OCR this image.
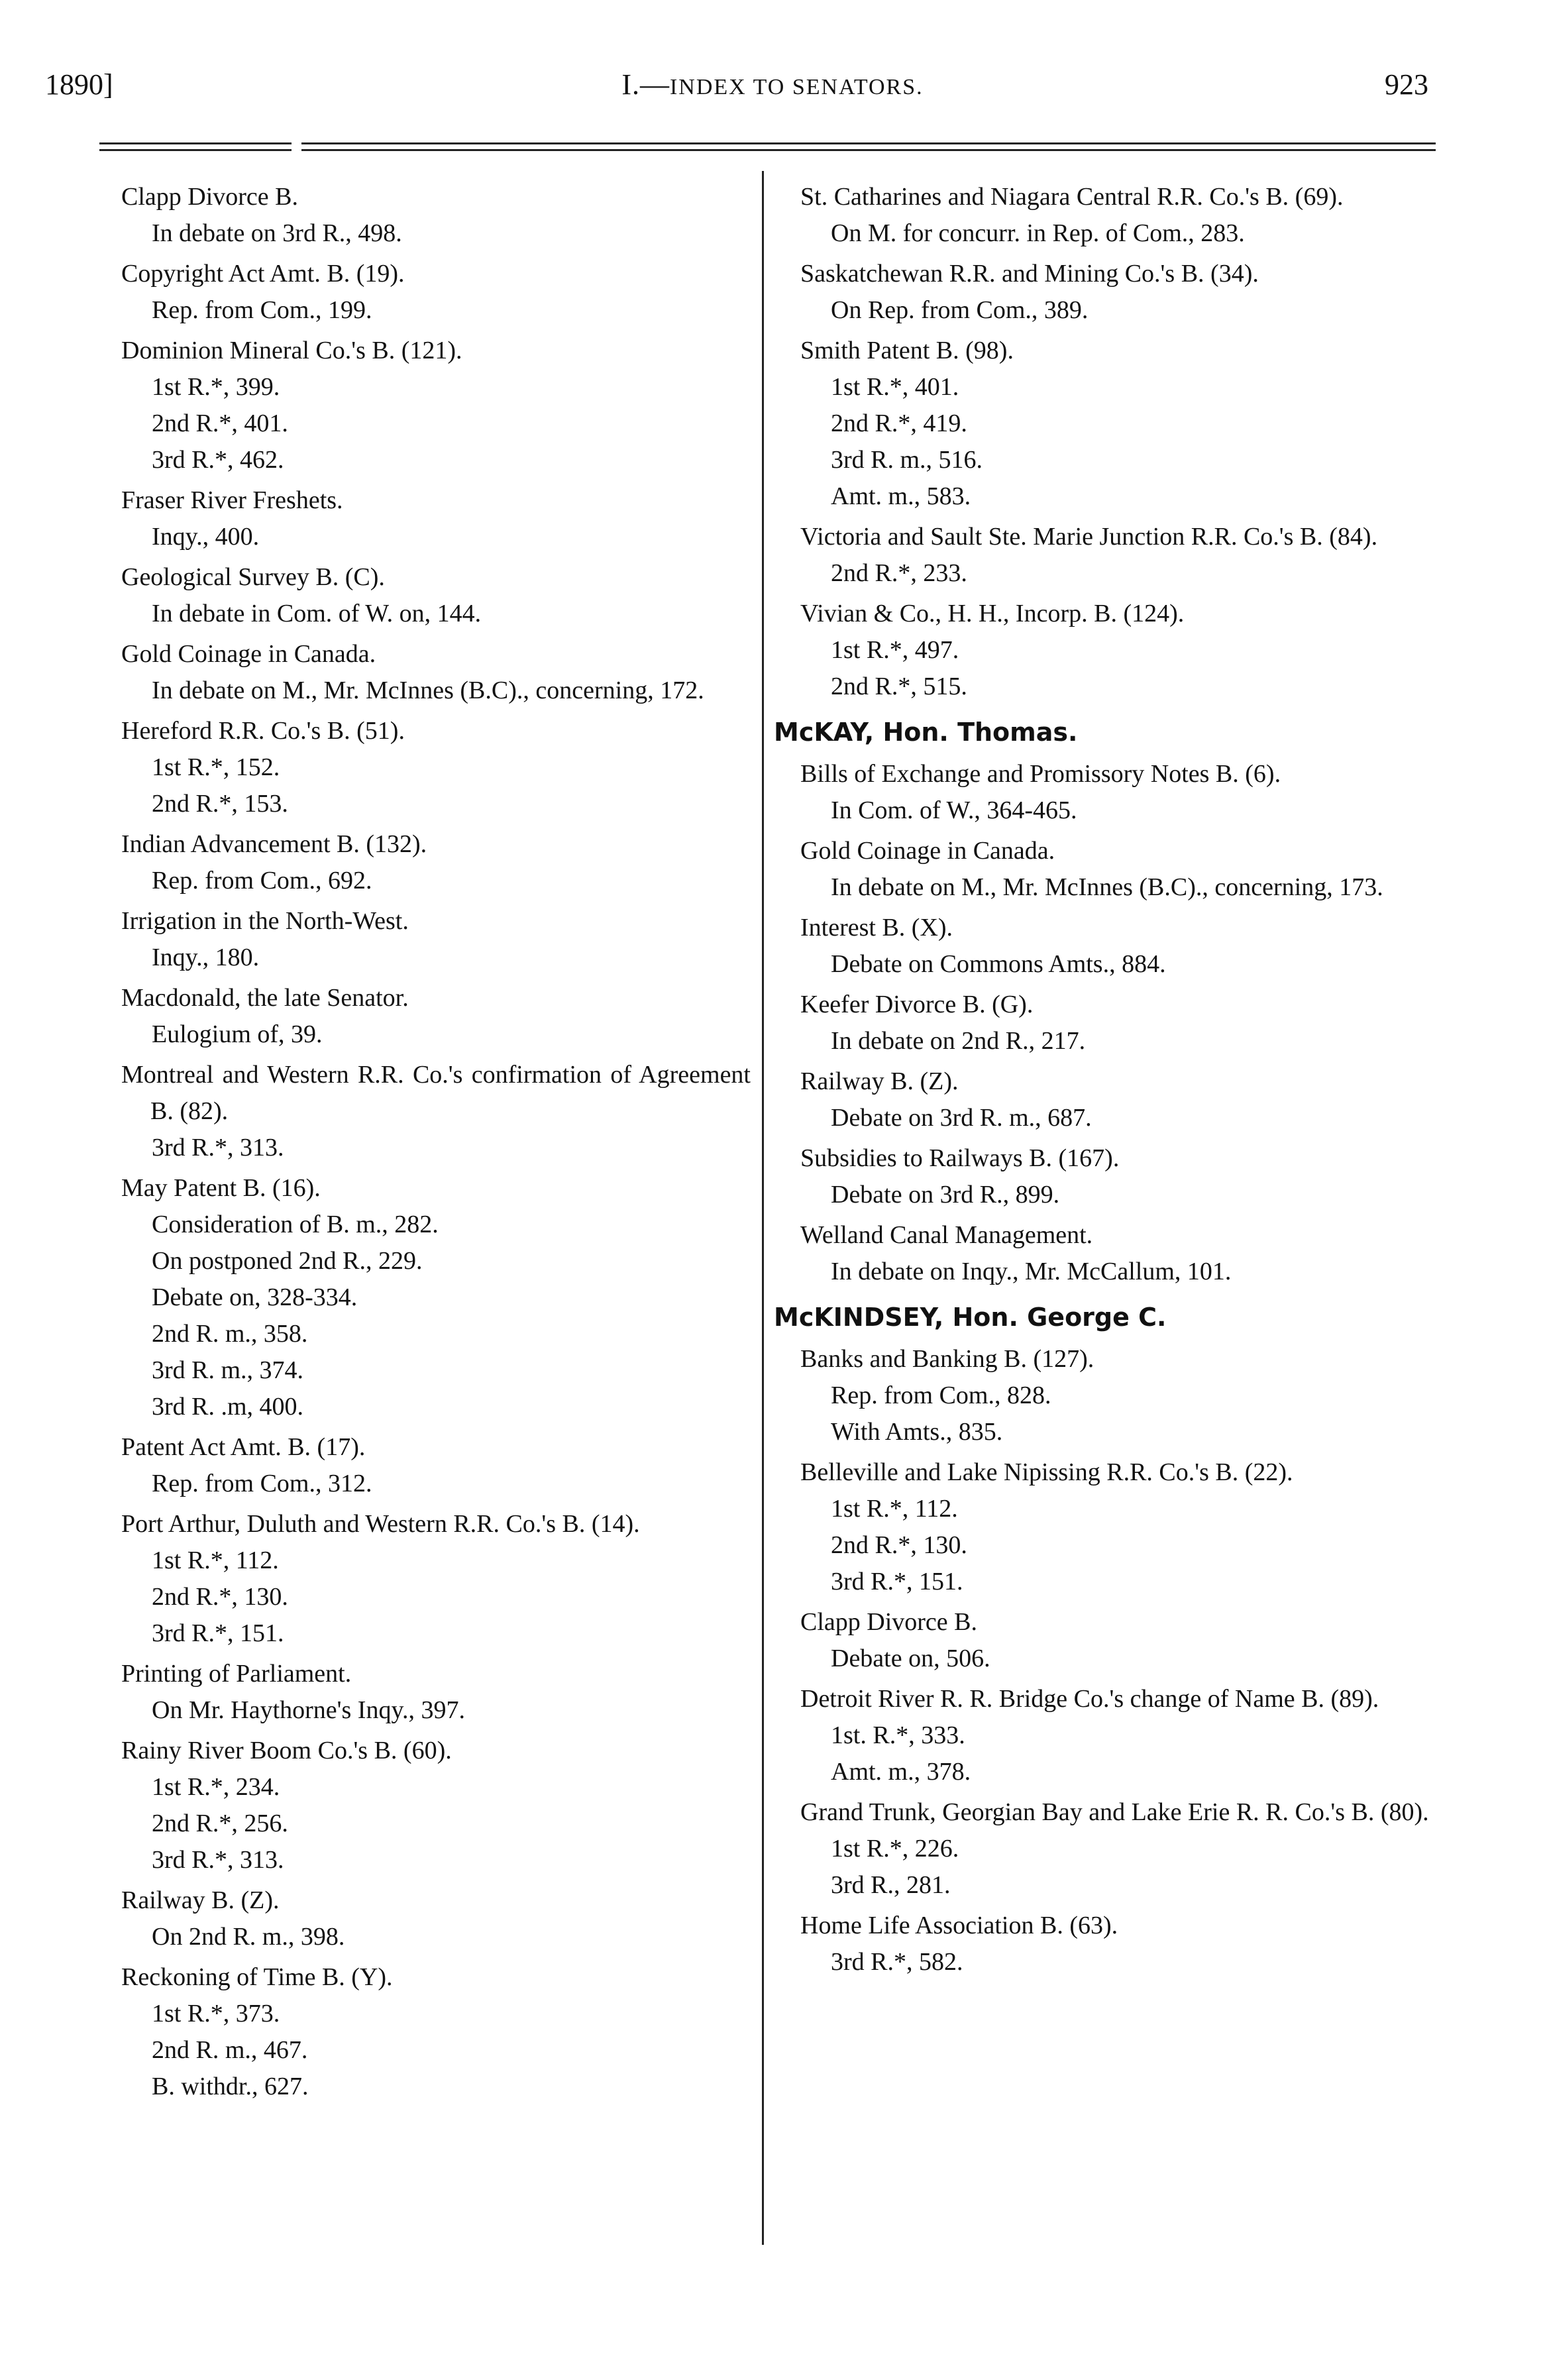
1890]	I.—INDEX TO SENATORS.	923
Clapp Divorce B.
In debate on 3rd R., 498.
Copyright Act Amt. B. (19).
Rep. from Com., 199.
Dominion Mineral Co.'s B. (121).
1st R.*, 399.
2nd R.*, 401.
3rd R.*, 462.
Fraser River Freshets.
Inqy., 400.
Geological Survey B. (C).
In debate in Com. of W. on, 144.
Gold Coinage in Canada.
In debate on M., Mr. McInnes (B.C)., concerning, 172.
Hereford R.R. Co.'s B. (51).
1st R.*, 152.
2nd R.*, 153.
Indian Advancement B. (132).
Rep. from Com., 692.
Irrigation in the North-West.
Inqy., 180.
Macdonald, the late Senator.
Eulogium of, 39.
Montreal and Western R.R. Co.'s confirmation of Agreement B. (82).
3rd R.*, 313.
May Patent B. (16).
Consideration of B. m., 282.
On postponed 2nd R., 229.
Debate on, 328-334.
2nd R. m., 358.
3rd R. m., 374.
3rd R. .m, 400.
Patent Act Amt. B. (17).
Rep. from Com., 312.
Port Arthur, Duluth and Western R.R. Co.'s B. (14).
1st R.*, 112.
2nd R.*, 130.
3rd R.*, 151.
Printing of Parliament.
On Mr. Haythorne's Inqy., 397.
Rainy River Boom Co.'s B. (60).
1st R.*, 234.
2nd R.*, 256.
3rd R.*, 313.
Railway B. (Z).
On 2nd R. m., 398.
Reckoning of Time B. (Y).
1st R.*, 373.
2nd R. m., 467.
B. withdr., 627.
St. Catharines and Niagara Central R.R. Co.'s B. (69).
On M. for concurr. in Rep. of Com., 283.
Saskatchewan R.R. and Mining Co.'s B. (34).
On Rep. from Com., 389.
Smith Patent B. (98).
1st R.*, 401.
2nd R.*, 419.
3rd R. m., 516.
Amt. m., 583.
Victoria and Sault Ste. Marie Junction R.R. Co.'s B. (84).
2nd R.*, 233.
Vivian & Co., H. H., Incorp. B. (124).
1st R.*, 497.
2nd R.*, 515.
McKAY, Hon. Thomas.
Bills of Exchange and Promissory Notes B. (6).
In Com. of W., 364-465.
Gold Coinage in Canada.
In debate on M., Mr. McInnes (B.C)., concerning, 173.
Interest B. (X).
Debate on Commons Amts., 884.
Keefer Divorce B. (G).
In debate on 2nd R., 217.
Railway B. (Z).
Debate on 3rd R. m., 687.
Subsidies to Railways B. (167).
Debate on 3rd R., 899.
Welland Canal Management.
In debate on Inqy., Mr. McCallum, 101.
McKINDSEY, Hon. George C.
Banks and Banking B. (127).
Rep. from Com., 828.
With Amts., 835.
Belleville and Lake Nipissing R.R. Co.'s B. (22).
1st R.*, 112.
2nd R.*, 130.
3rd R.*, 151.
Clapp Divorce B.
Debate on, 506.
Detroit River R. R. Bridge Co.'s change of Name B. (89).
1st. R.*, 333.
Amt. m., 378.
Grand Trunk, Georgian Bay and Lake Erie R. R. Co.'s B. (80).
1st R.*, 226.
3rd R., 281.
Home Life Association B. (63).
3rd R.*, 582.
